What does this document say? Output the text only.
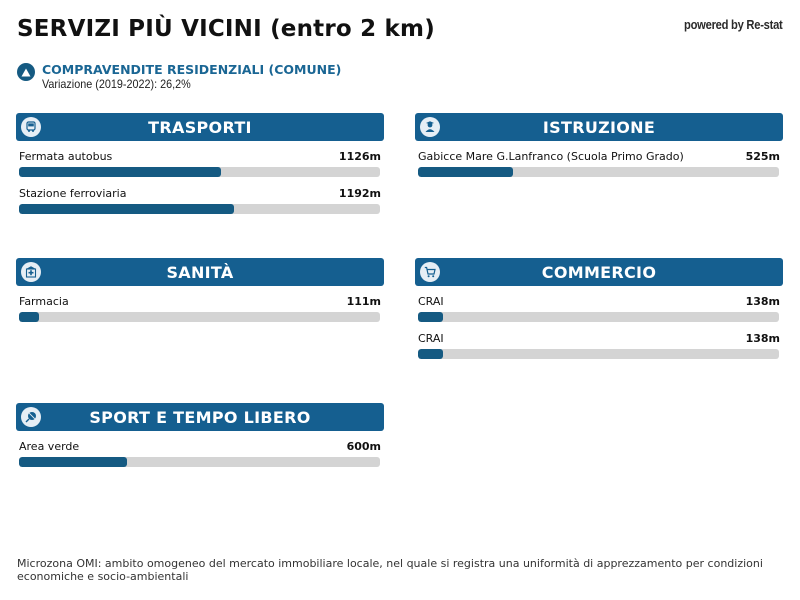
SERVIZI PIÙ VICINI (entro 2 km)	powered by Re-stat
COMPRAVENDITE RESIDENZIALI (COMUNE)
Variazione (2019-2022): 26,2%
TRASPORTI
Fermata autobus	1126m
Stazione ferroviaria	1192m
ISTRUZIONE
Gabicce Mare G.Lanfranco (Scuola Primo Grado)	525m
SANITÀ
Farmacia	111m
COMMERCIO
CRAI	138m
CRAI	138m
SPORT E TEMPO LIBERO
Area verde	600m
Microzona OMI: ambito omogeneo del mercato immobiliare locale, nel quale si registra una uniformità di apprezzamento per condizioni economiche e socio-ambientali
